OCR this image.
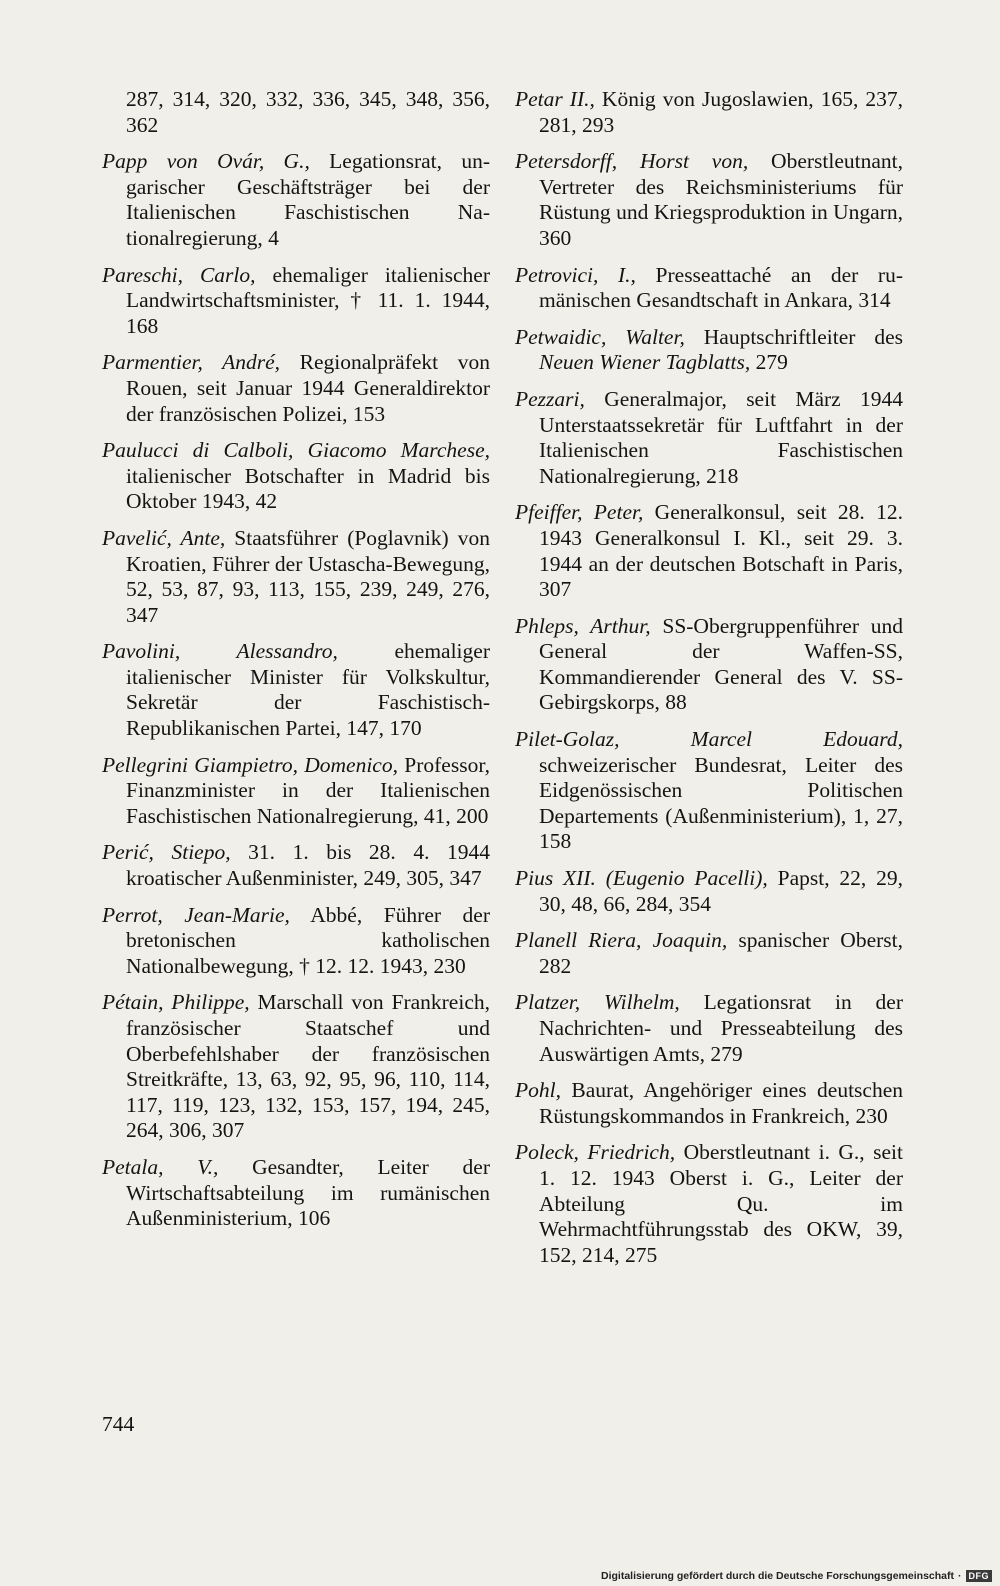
287, 314, 320, 332, 336, 345, 348, 356, 362

Papp von Ovár, G., Legationsrat, ungarischer Geschäftsträger bei der Italienischen Faschistischen Nationalregierung, 4

Pareschi, Carlo, ehemaliger italienischer Landwirtschaftsminister, † 11. 1. 1944, 168

Parmentier, André, Regionalpräfekt von Rouen, seit Januar 1944 Generaldirektor der französischen Polizei, 153

Paulucci di Calboli, Giacomo Marchese, italienischer Botschafter in Madrid bis Oktober 1943, 42

Pavelić, Ante, Staatsführer (Poglavnik) von Kroatien, Führer der Ustascha-Bewegung, 52, 53, 87, 93, 113, 155, 239, 249, 276, 347

Pavolini, Alessandro,	ehemaliger italienischer Minister für Volkskultur, Sekretär der Faschistisch-Republikanischen Partei, 147, 170

Pellegrini Giampietro, Domenico, Professor, Finanzminister in der Italienischen Faschistischen Nationalregierung, 41, 200

Perić, Stiepo, 31. 1. bis 28. 4. 1944 kroatischer Außenminister, 249, 305, 347

Perrot, Jean-Marie, Abbé, Führer der bretonischen katholischen Nationalbewegung, † 12. 12. 1943, 230

Pétain, Philippe, Marschall von Frankreich, französischer Staatschef und Oberbefehlshaber der französischen Streitkräfte, 13, 63, 92, 95, 96, 110, 114, 117, 119, 123, 132, 153, 157, 194, 245, 264, 306, 307

Petala, V., Gesandter, Leiter der Wirtschaftsabteilung im rumänischen Außenministerium, 106

Petar II., König von Jugoslawien, 165, 237, 281, 293

Petersdorff, Horst von, Oberstleutnant, Vertreter des Reichsministeriums für Rüstung und Kriegsproduktion in Ungarn, 360

Petrovici, I., Presseattaché an der rumänischen Gesandtschaft in Ankara, 314

Petwaidic, Walter, Hauptschriftleiter des Neuen Wiener Tagblatts, 279

Pezzari, Generalmajor, seit März 1944 Unterstaatssekretär für Luftfahrt in der Italienischen Faschistischen Nationalregierung, 218

Pfeiffer, Peter, Generalkonsul, seit 28. 12. 1943 Generalkonsul I. Kl., seit 29. 3. 1944 an der deutschen Botschaft in Paris, 307

Phleps, Arthur, SS-Obergruppenführer und General der Waffen-SS, Kommandierender General des V. SS-Gebirgskorps, 88

Pilet-Golaz, Marcel Edouard, schweizerischer Bundesrat, Leiter des Eidgenössischen Politischen Departements (Außenministerium), 1, 27, 158

Pius XII. (Eugenio Pacelli), Papst, 22, 29, 30, 48, 66, 284, 354

Planell Riera, Joaquin, spanischer Oberst, 282

Platzer, Wilhelm, Legationsrat in der Nachrichten- und Presseabteilung des Auswärtigen Amts, 279

Pohl, Baurat, Angehöriger eines deutschen Rüstungskommandos in Frankreich, 230

Poleck, Friedrich, Oberstleutnant i. G., seit 1. 12. 1943 Oberst i. G., Leiter der Abteilung Qu. im Wehrmachtführungsstab des OKW, 39, 152, 214, 275

744
Digitalisierung gefördert durch die Deutsche Forschungsgemeinschaft · DFG
